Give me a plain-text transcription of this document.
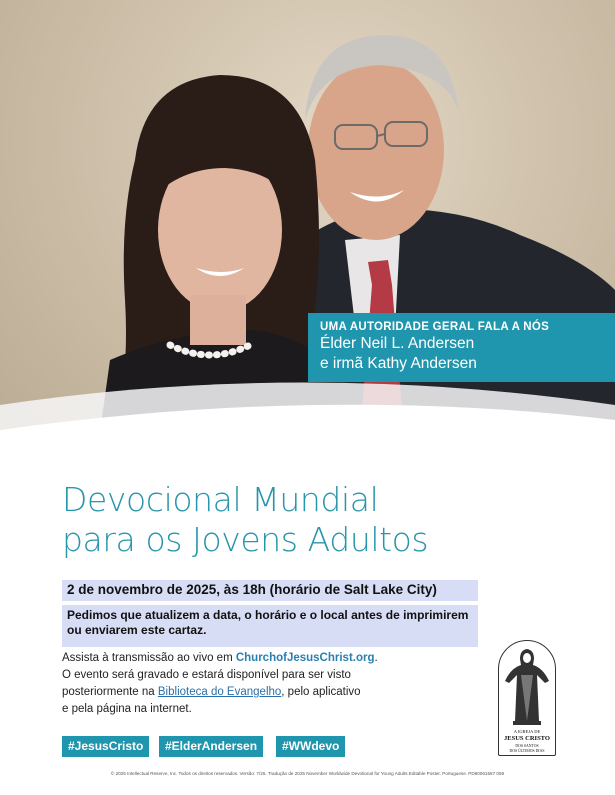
UMA AUTORIDADE GERAL FALA A NÓS
Élder Neil L. Andersen
e irmã Kathy Andersen
Devocional Mundial
para os Jovens Adultos
2 de novembro de 2025, às 18h (horário de Salt Lake City)
Pedimos que atualizem a data, o horário e o local antes de imprimirem ou enviarem este cartaz.
Assista à transmissão ao vivo em ChurchofJesusChrist.org.
O evento será gravado e estará disponível para ser visto
posteriormente na Biblioteca do Evangelho, pelo aplicativo
e pela página na internet.
#JesusCristo	#ElderAndersen	#WWdevo
A IGREJA DE
JESUS CRISTO
DOS SANTOS
DOS ÚLTIMOS DIAS
© 2025 Intellectual Reserve, Inc. Todos os direitos reservados. Versão: 7/25. Tradução de 2025 November Worldwide Devotional for Young Adults Editable Poster. Portuguese. PD80061587 059
